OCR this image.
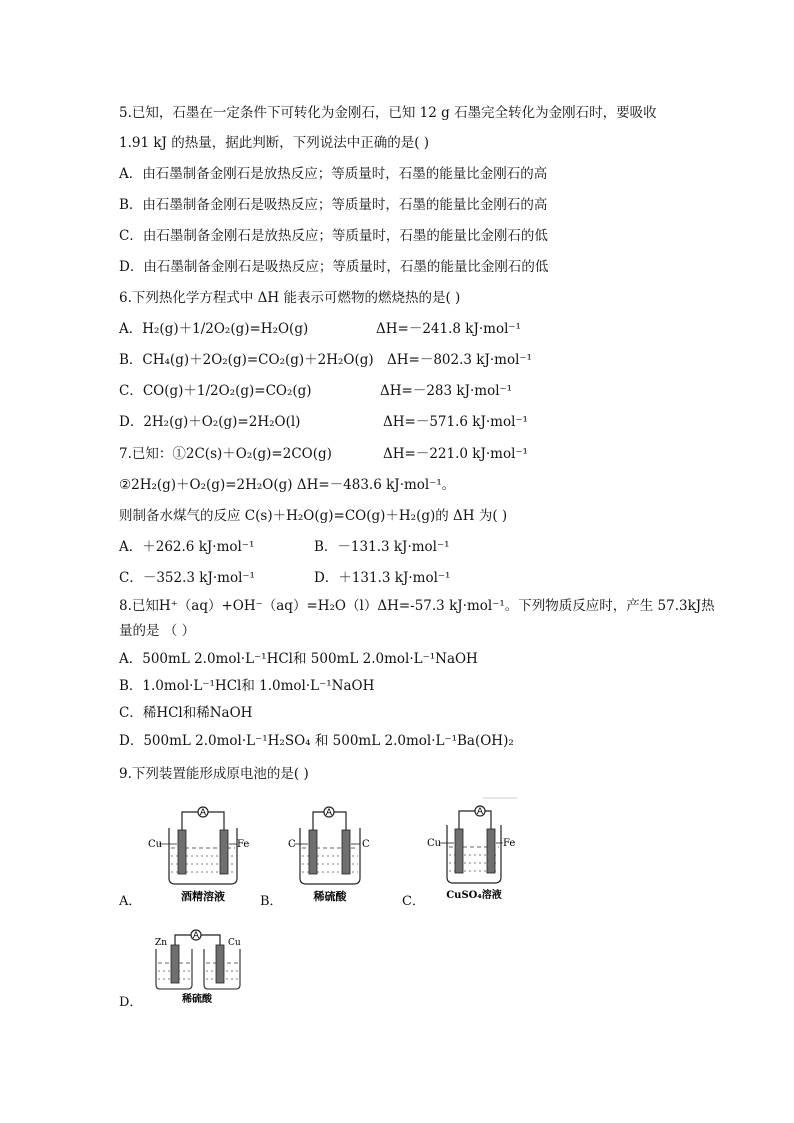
5.已知，石墨在一定条件下可转化为金刚石，已知 12 g 石墨完全转化为金刚石时，要吸收
1.91 kJ 的热量，据此判断，下列说法中正确的是( )
A．由石墨制备金刚石是放热反应；等质量时，石墨的能量比金刚石的高
B．由石墨制备金刚石是吸热反应；等质量时，石墨的能量比金刚石的高
C．由石墨制备金刚石是放热反应；等质量时，石墨的能量比金刚石的低
D．由石墨制备金刚石是吸热反应；等质量时，石墨的能量比金刚石的低
6.下列热化学方程式中 ΔH 能表示可燃物的燃烧热的是( )
A．H₂(g)＋1/2O₂(g)=H₂O(g)	ΔH=－241.8 kJ·mol⁻¹
B．CH₄(g)＋2O₂(g)=CO₂(g)＋2H₂O(g) ΔH=－802.3 kJ·mol⁻¹
C．CO(g)＋1/2O₂(g)=CO₂(g)	ΔH=－283 kJ·mol⁻¹
D．2H₂(g)＋O₂(g)=2H₂O(l)	ΔH=－571.6 kJ·mol⁻¹
7.已知：①2C(s)＋O₂(g)=2CO(g)	ΔH=－221.0 kJ·mol⁻¹
②2H₂(g)＋O₂(g)=2H₂O(g) ΔH=－483.6 kJ·mol⁻¹。
则制备水煤气的反应 C(s)＋H₂O(g)=CO(g)＋H₂(g)的 ΔH 为( )
A．＋262.6 kJ·mol⁻¹	B．－131.3 kJ·mol⁻¹
C．－352.3 kJ·mol⁻¹	D．＋131.3 kJ·mol⁻¹
8.已知H⁺（aq）+OH⁻（aq）=H₂O（l）ΔH=-57.3 kJ·mol⁻¹。下列物质反应时，产生 57.3kJ热
量的是 （ ）
A．500mL 2.0mol·L⁻¹HCl和 500mL 2.0mol·L⁻¹NaOH
B．1.0mol·L⁻¹HCl和 1.0mol·L⁻¹NaOH
C．稀HCl和稀NaOH
D．500mL 2.0mol·L⁻¹H₂SO₄ 和 500mL 2.0mol·L⁻¹Ba(OH)₂
9.下列装置能形成原电池的是( )
A．
A
Cu	Fe
酒精溶液	B．
A
C	C
稀硫酸	C．
A
Cu	Fe
CuSO₄溶液
D．
A
Zn	Cu
稀硫酸
